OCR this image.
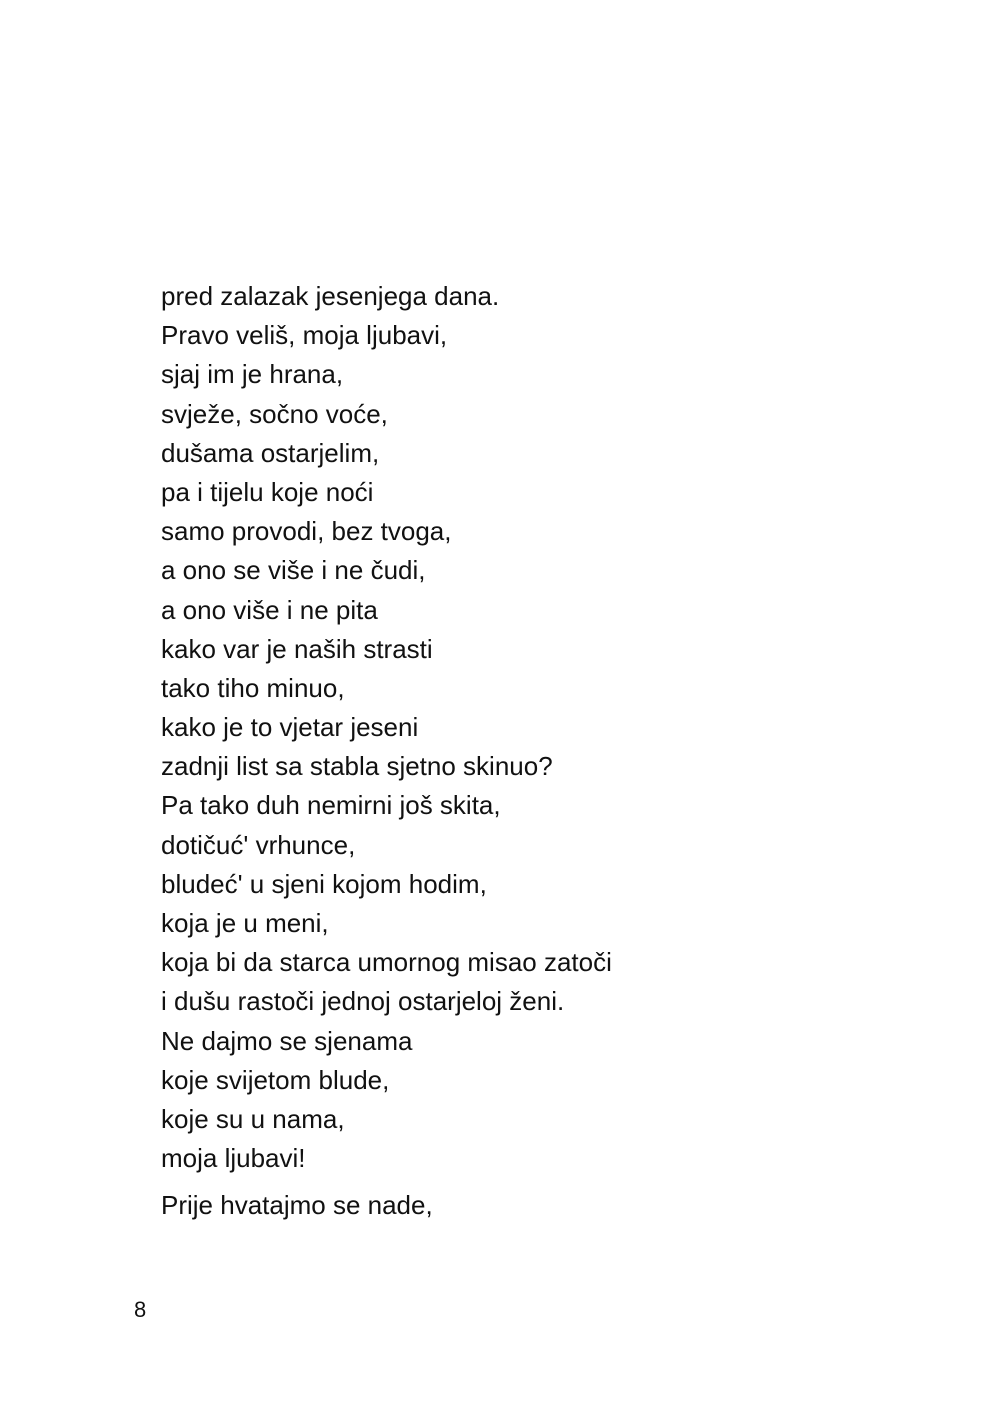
pred zalazak jesenjega dana.
Pravo veliš, moja ljubavi,
sjaj im je hrana,
svježe, sočno voće,
dušama ostarjelim,
pa i tijelu koje noći
samo provodi, bez tvoga,
a ono se više i ne čudi,
a ono više i ne pita
kako var je naših strasti
tako tiho minuo,
kako je to vjetar jeseni
zadnji list sa stabla sjetno skinuo?
Pa tako duh nemirni još skita,
dotičuć' vrhunce,
bludeć' u sjeni kojom hodim,
koja je u meni,
koja bi da starca umornog misao zatoči
i dušu rastoči jednoj ostarjeloj ženi.
Ne dajmo se sjenama
koje svijetom blude,
koje su u nama,
moja ljubavi!
Prije hvatajmo se nade,
8
